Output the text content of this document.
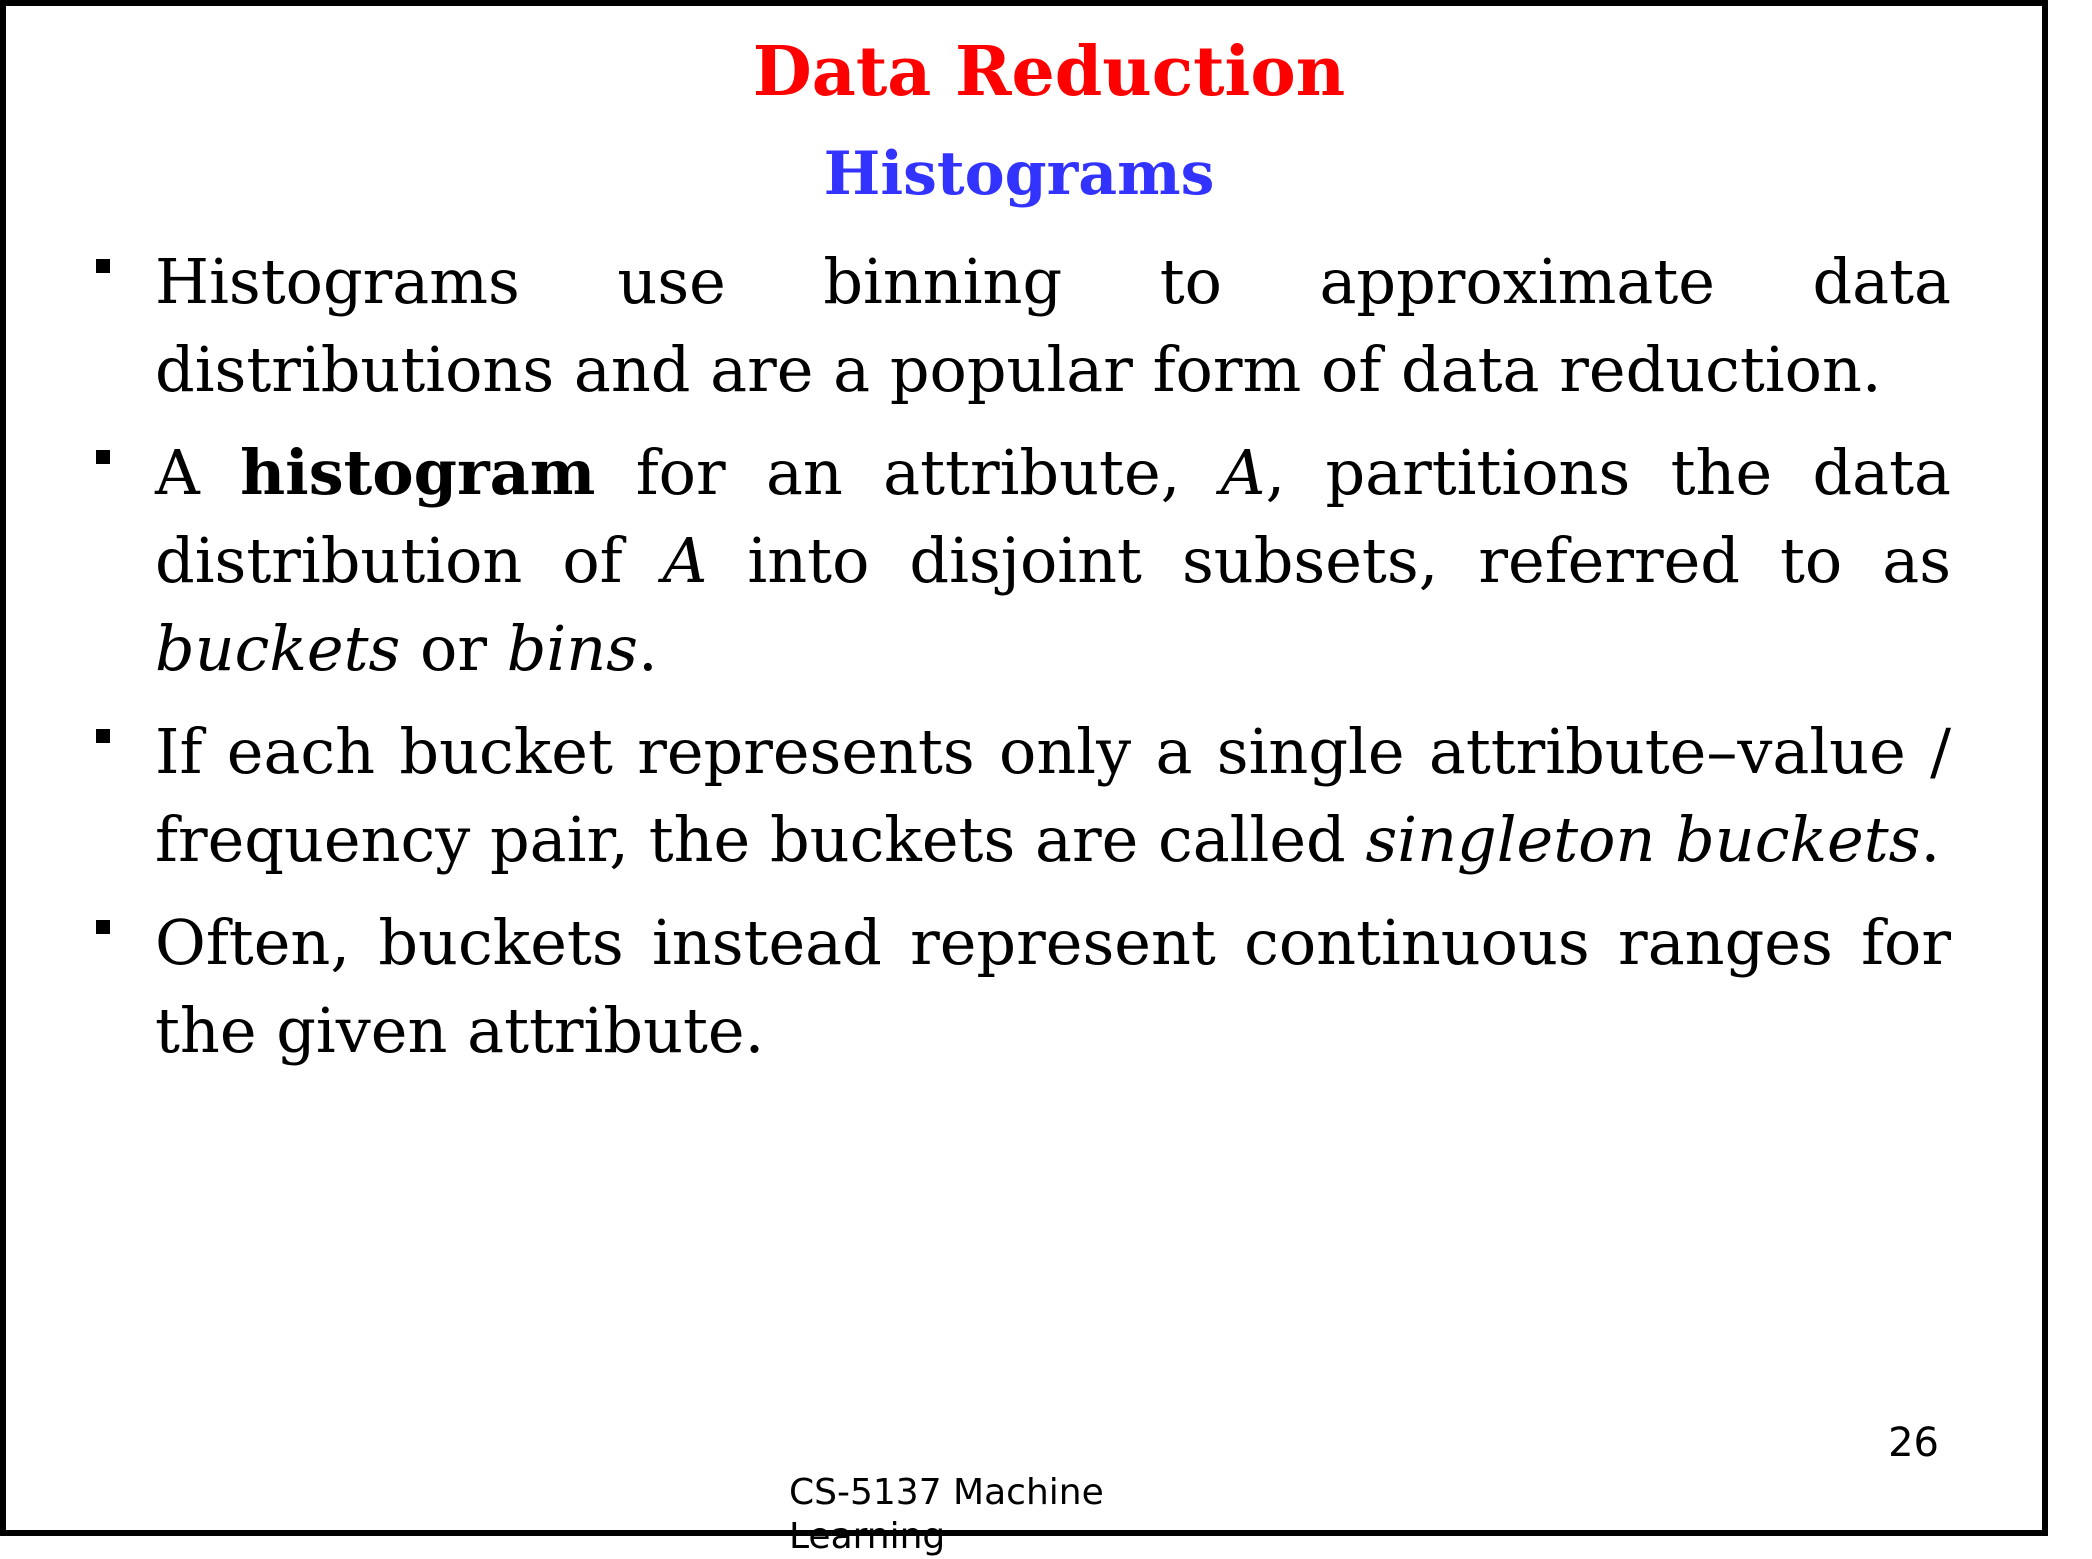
Data Reduction
Histograms
Histograms use binning to approximate data distributions and are a popular form of data reduction.
A histogram for an attribute, A, partitions the data distribution of A into disjoint subsets, referred to as buckets or bins.
If each bucket represents only a single attribute–value / frequency pair, the buckets are called singleton buckets.
Often, buckets instead represent continuous ranges for the given attribute.
26
CS-5137 Machine Learning
